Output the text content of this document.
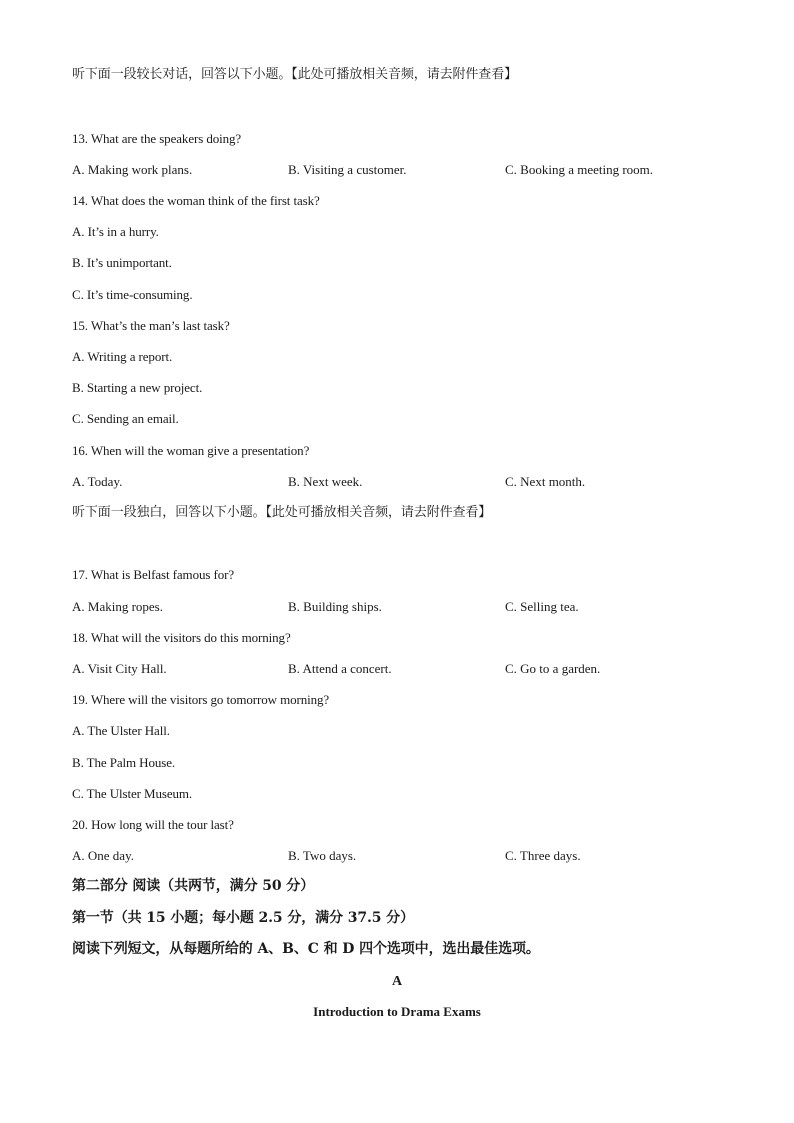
听下面一段较长对话，回答以下小题。【此处可播放相关音频，请去附件查看】
13. What are the speakers doing?
A. Making work plans.	B. Visiting a customer.	C. Booking a meeting room.
14. What does the woman think of the first task?
A. It’s in a hurry.
B. It’s unimportant.
C. It’s time-consuming.
15. What’s the man’s last task?
A. Writing a report.
B. Starting a new project.
C. Sending an email.
16. When will the woman give a presentation?
A. Today.	B. Next week.	C. Next month.
听下面一段独白，回答以下小题。【此处可播放相关音频，请去附件查看】
17. What is Belfast famous for?
A. Making ropes.	B. Building ships.	C. Selling tea.
18. What will the visitors do this morning?
A. Visit City Hall.	B. Attend a concert.	C. Go to a garden.
19. Where will the visitors go tomorrow morning?
A. The Ulster Hall.
B. The Palm House.
C. The Ulster Museum.
20. How long will the tour last?
A. One day.	B. Two days.	C. Three days.
第二部分 阅读（共两节，满分 50 分）
第一节（共 15 小题；每小题 2.5 分，满分 37.5 分）
阅读下列短文，从每题所给的 A、B、C 和 D 四个选项中，选出最佳选项。
A
Introduction to Drama Exams
